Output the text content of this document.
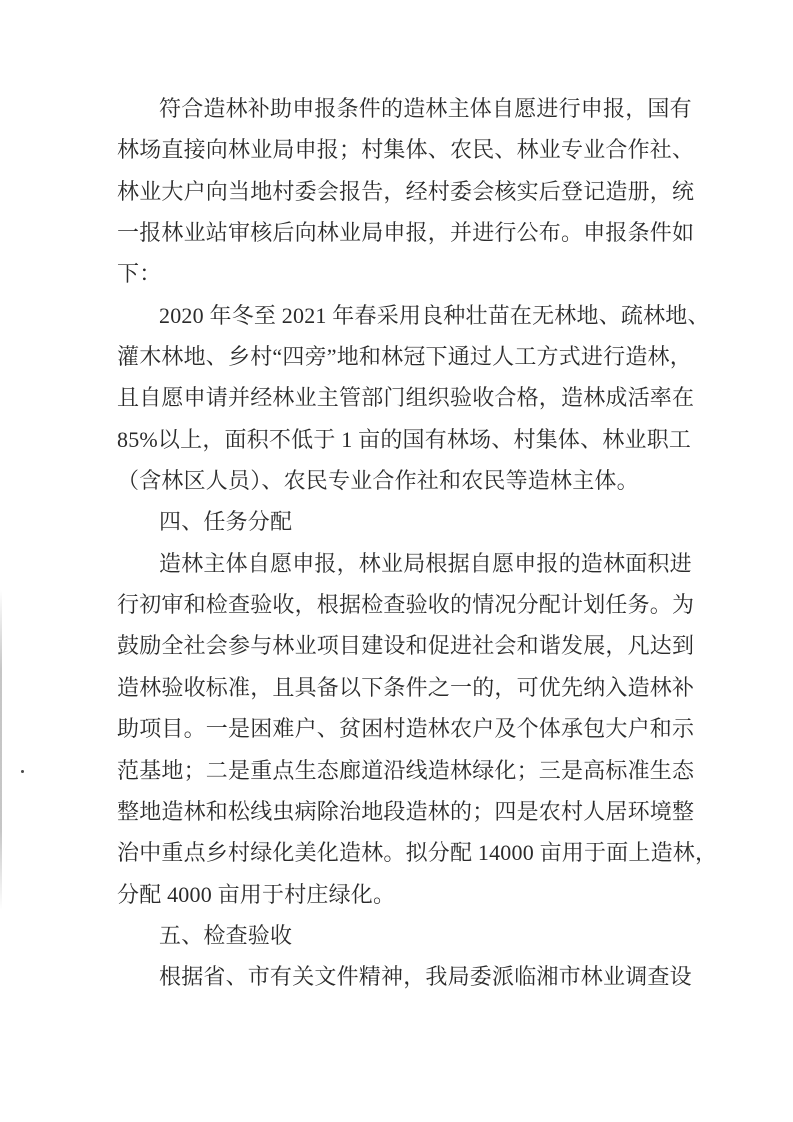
符合造林补助申报条件的造林主体自愿进行申报，国有

林场直接向林业局申报；村集体、农民、林业专业合作社、

林业大户向当地村委会报告，经村委会核实后登记造册，统

一报林业站审核后向林业局申报，并进行公布。申报条件如

下：

2020 年冬至 2021 年春采用良种壮苗在无林地、疏林地、

灌木林地、乡村“四旁”地和林冠下通过人工方式进行造林，

且自愿申请并经林业主管部门组织验收合格，造林成活率在

85%以上，面积不低于 1 亩的国有林场、村集体、林业职工

（含林区人员）、农民专业合作社和农民等造林主体。

四、任务分配

造林主体自愿申报，林业局根据自愿申报的造林面积进

行初审和检查验收，根据检查验收的情况分配计划任务。为

鼓励全社会参与林业项目建设和促进社会和谐发展，凡达到

造林验收标准，且具备以下条件之一的，可优先纳入造林补

助项目。一是困难户、贫困村造林农户及个体承包大户和示

范基地；二是重点生态廊道沿线造林绿化；三是高标准生态

整地造林和松线虫病除治地段造林的；四是农村人居环境整

治中重点乡村绿化美化造林。拟分配 14000 亩用于面上造林，

分配 4000 亩用于村庄绿化。

五、检查验收

根据省、市有关文件精神，我局委派临湘市林业调查设
